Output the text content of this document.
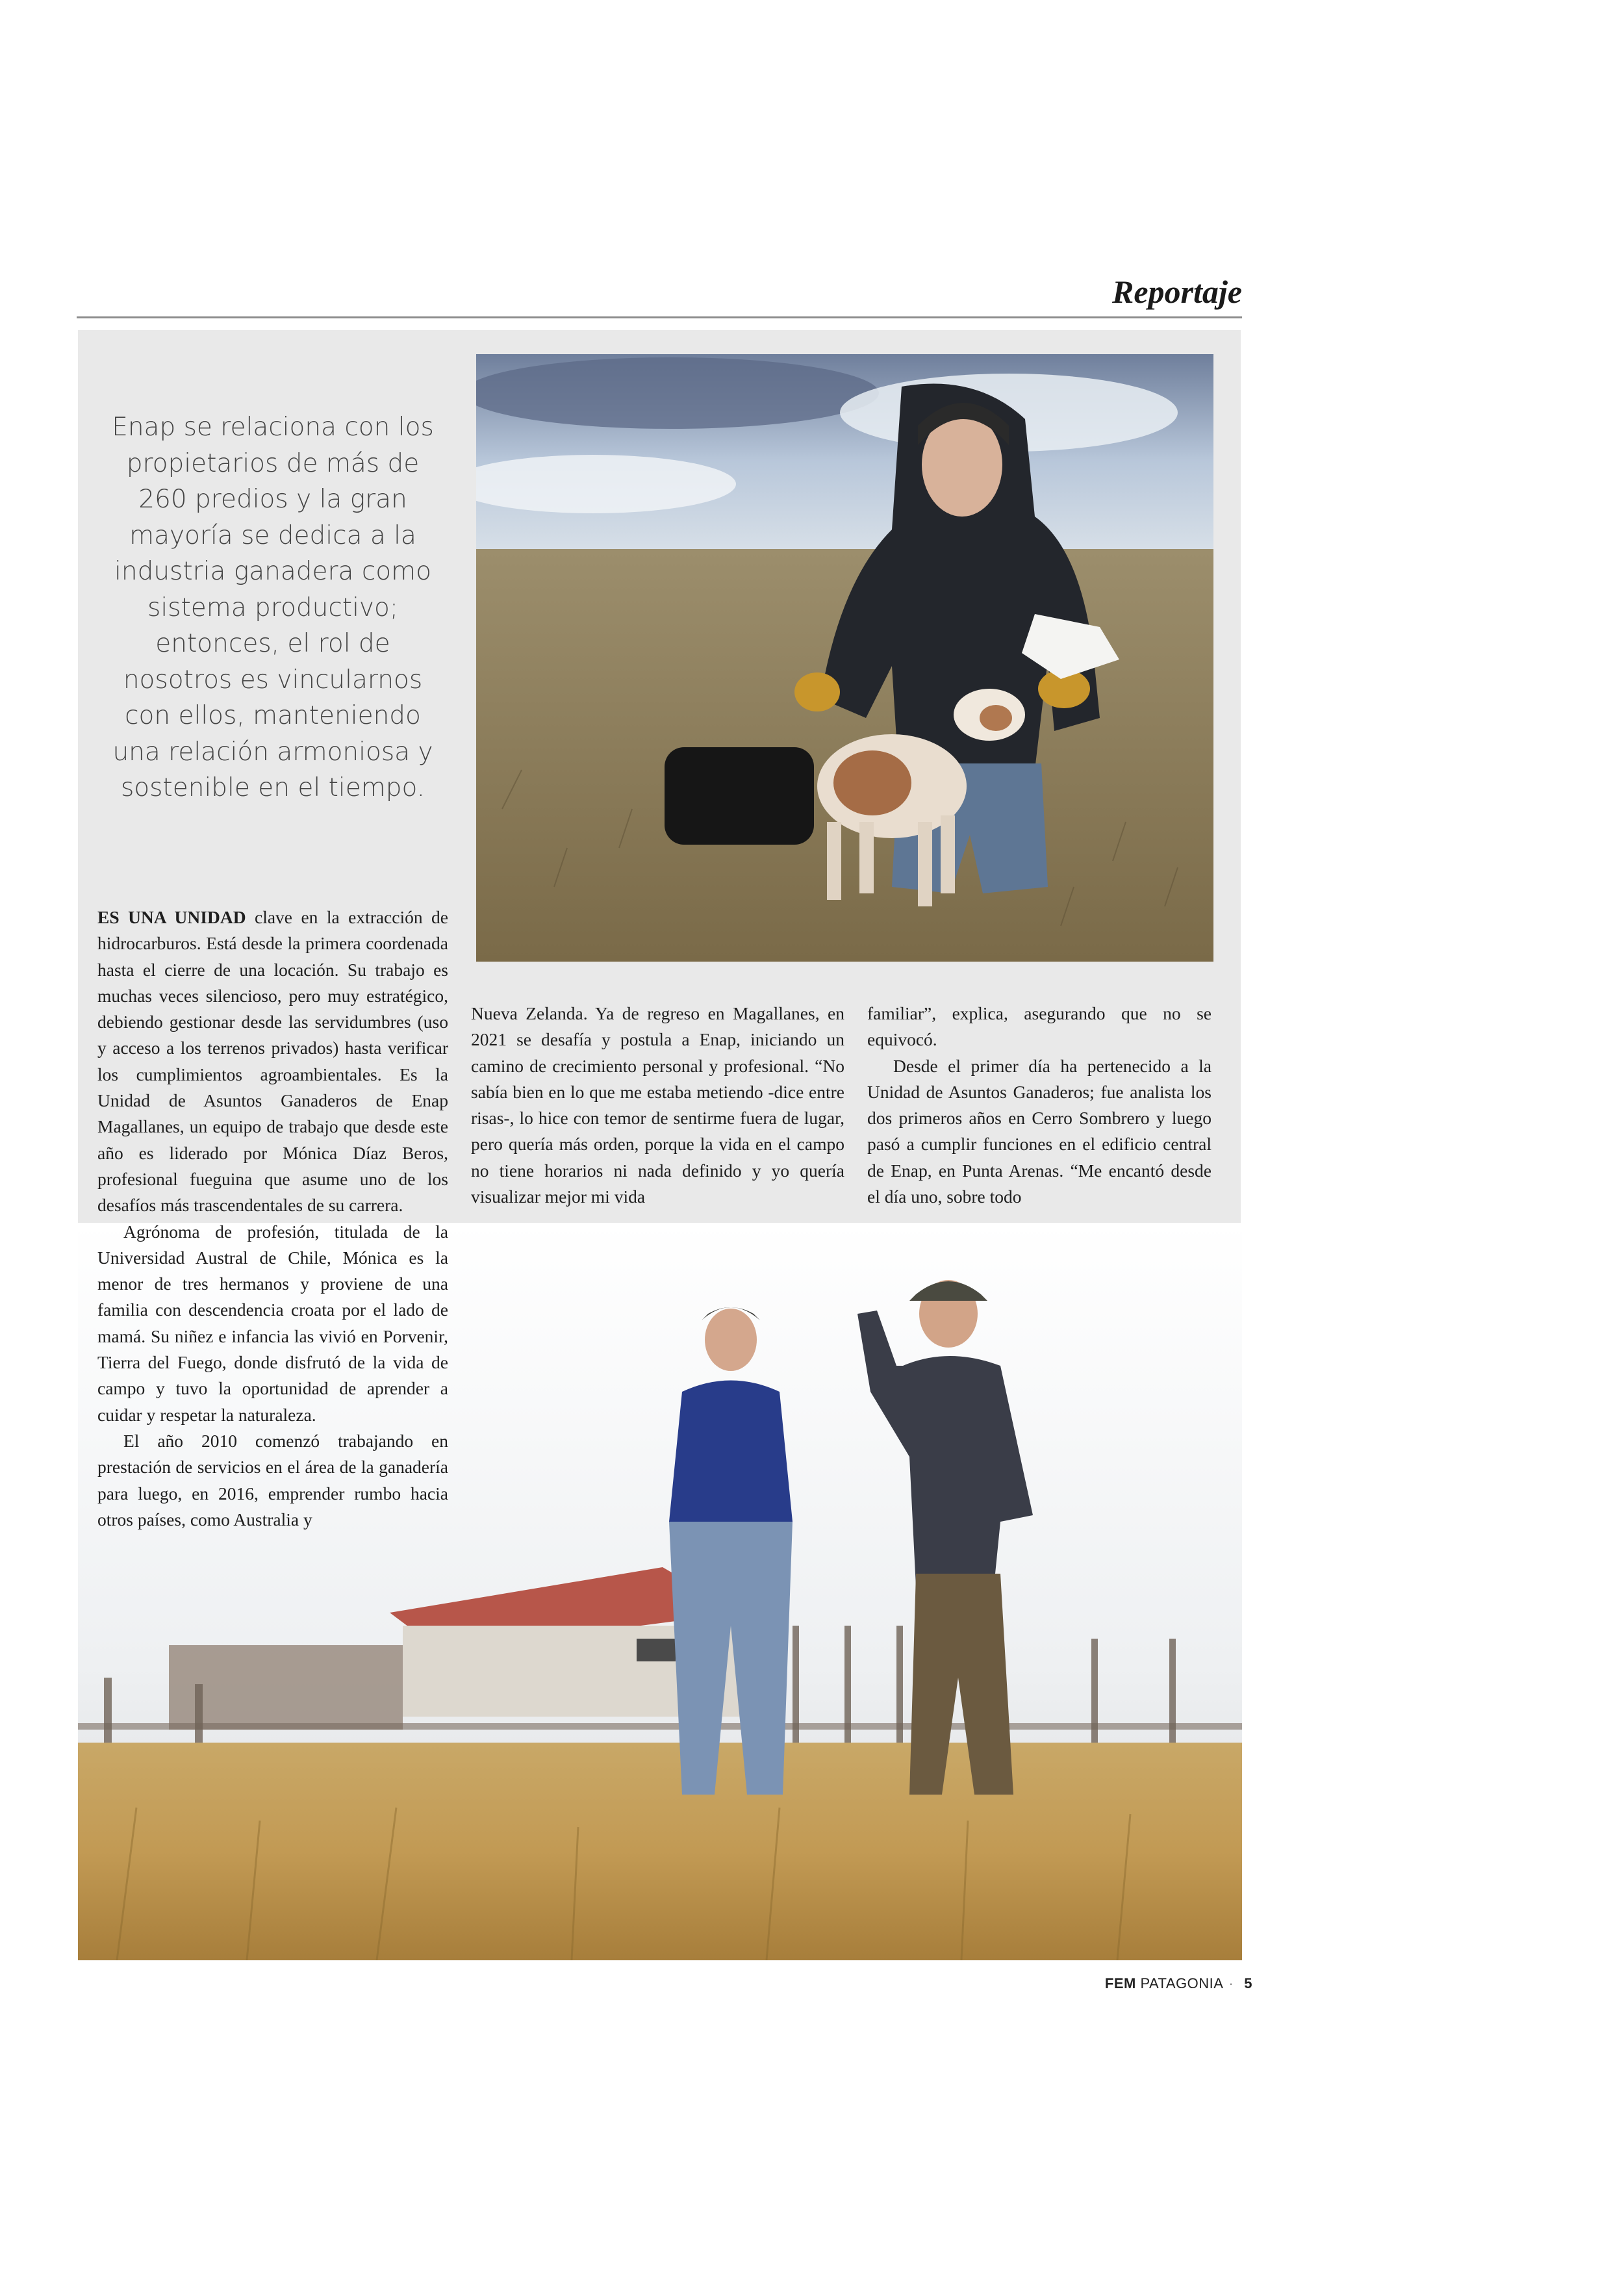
Reportaje

Enap se relaciona con los propietarios de más de 260 predios y la gran mayoría se dedica a la industria ganadera como sistema productivo; entonces, el rol de nosotros es vincularnos con ellos, manteniendo una relación armoniosa y sostenible en el tiempo.

ES UNA UNIDAD clave en la extracción de hidrocarburos. Está desde la primera coordenada hasta el cierre de una locación. Su trabajo es muchas veces silencioso, pero muy estratégico, debiendo gestionar desde las servidumbres (uso y acceso a los terrenos privados) hasta verificar los cumplimientos agroambientales. Es la Unidad de Asuntos Ganaderos de Enap Magallanes, un equipo de trabajo que desde este año es liderado por Mónica Díaz Beros, profesional fueguina que asume uno de los desafíos más trascendentales de su carrera.

Agrónoma de profesión, titulada de la Universidad Austral de Chile, Mónica es la menor de tres hermanos y proviene de una familia con descendencia croata por el lado de mamá. Su niñez e infancia las vivió en Porvenir, Tierra del Fuego, donde disfrutó de la vida de campo y tuvo la oportunidad de aprender a cuidar y respetar la naturaleza.

El año 2010 comenzó trabajando en prestación de servicios en el área de la ganadería para luego, en 2016, emprender rumbo hacia otros países, como Australia y

Nueva Zelanda. Ya de regreso en Magallanes, en 2021 se desafía y postula a Enap, iniciando un camino de crecimiento personal y profesional. “No sabía bien en lo que me estaba metiendo -dice entre risas-, lo hice con temor de sentirme fuera de lugar, pero quería más orden, porque la vida en el campo no tiene horarios ni nada definido y yo quería visualizar mejor mi vida

familiar”, explica, asegurando que no se equivocó.

Desde el primer día ha pertenecido a la Unidad de Asuntos Ganaderos; fue analista los dos primeros años en Cerro Sombrero y luego pasó a cumplir funciones en el edificio central de Enap, en Punta Arenas. “Me encantó desde el día uno, sobre todo

FEM PATAGONIA · 5
